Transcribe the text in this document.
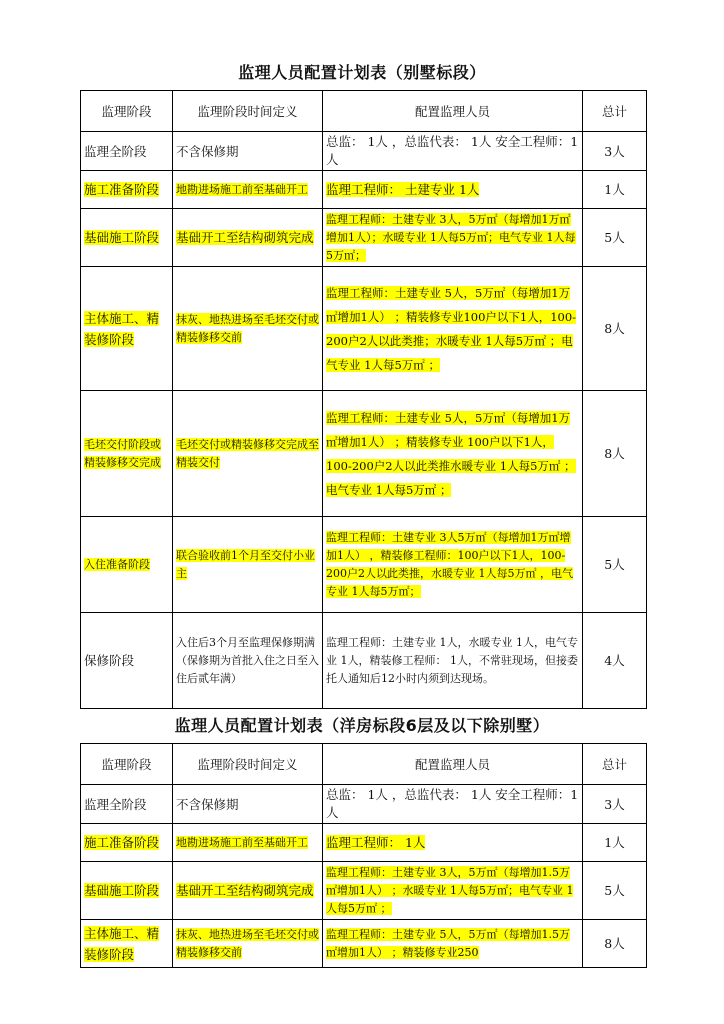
监理人员配置计划表（别墅标段）
监理阶段	监理阶段时间定义	配置监理人员	总计
监理全阶段	不含保修期	总监： 1人 ，总监代表： 1人 安全工程师：1人	3人
施工准备阶段	地勘进场施工前至基础开工	监理工程师： 土建专业 1人	1人
基础施工阶段	基础开工至结构砌筑完成	监理工程师：土建专业 3人，5万㎡（每增加1万㎡增加1人）；水暖专业 1人每5万㎡；电气专业 1人每5万㎡；	5人
主体施工、精装修阶段	抹灰、地热进场至毛坯交付或精装修移交前	监理工程师：土建专业 5人，5万㎡（每增加1万㎡增加1人） ；精装修专业100户以下1人，100-200户2人以此类推；水暖专业 1人每5万㎡ ；电气专业 1人每5万㎡ ；	8人
毛坯交付阶段或精装修移交完成	毛坯交付或精装修移交完成至精装交付	监理工程师：土建专业 5人，5万㎡（每增加1万㎡增加1人） ；精装修专业 100户以下1人，100-200户2人以此类推水暖专业 1人每5万㎡ ；电气专业 1人每5万㎡ ；	8人
入住准备阶段	联合验收前1个月至交付小业主	监理工程师：土建专业 3人5万㎡（每增加1万㎡增加1人） ，精装修工程师：100户以下1人，100-200户2人以此类推，水暖专业 1人每5万㎡ ，电气专业 1人每5万㎡；	5人
保修阶段	入住后3个月至监理保修期满（保修期为首批入住之日至入住后贰年满）	监理工程师：土建专业 1人，水暖专业 1人，电气专业 1人，精装修工程师： 1人，不常驻现场，但接委托人通知后12小时内须到达现场。	4人
监理人员配置计划表（洋房标段6层及以下除别墅）
监理阶段	监理阶段时间定义	配置监理人员	总计
监理全阶段	不含保修期	总监： 1人 ，总监代表： 1人 安全工程师：1人	3人
施工准备阶段	地勘进场施工前至基础开工	监理工程师： 1人	1人
基础施工阶段	基础开工至结构砌筑完成	监理工程师：土建专业 3人，5万㎡（每增加1.5万㎡增加1人） ；水暖专业 1人每5万㎡；电气专业 1人每5万㎡ ；	5人
主体施工、精装修阶段	抹灰、地热进场至毛坯交付或精装修移交前	监理工程师：土建专业 5人，5万㎡（每增加1.5万㎡增加1人） ；精装修专业250	8人
